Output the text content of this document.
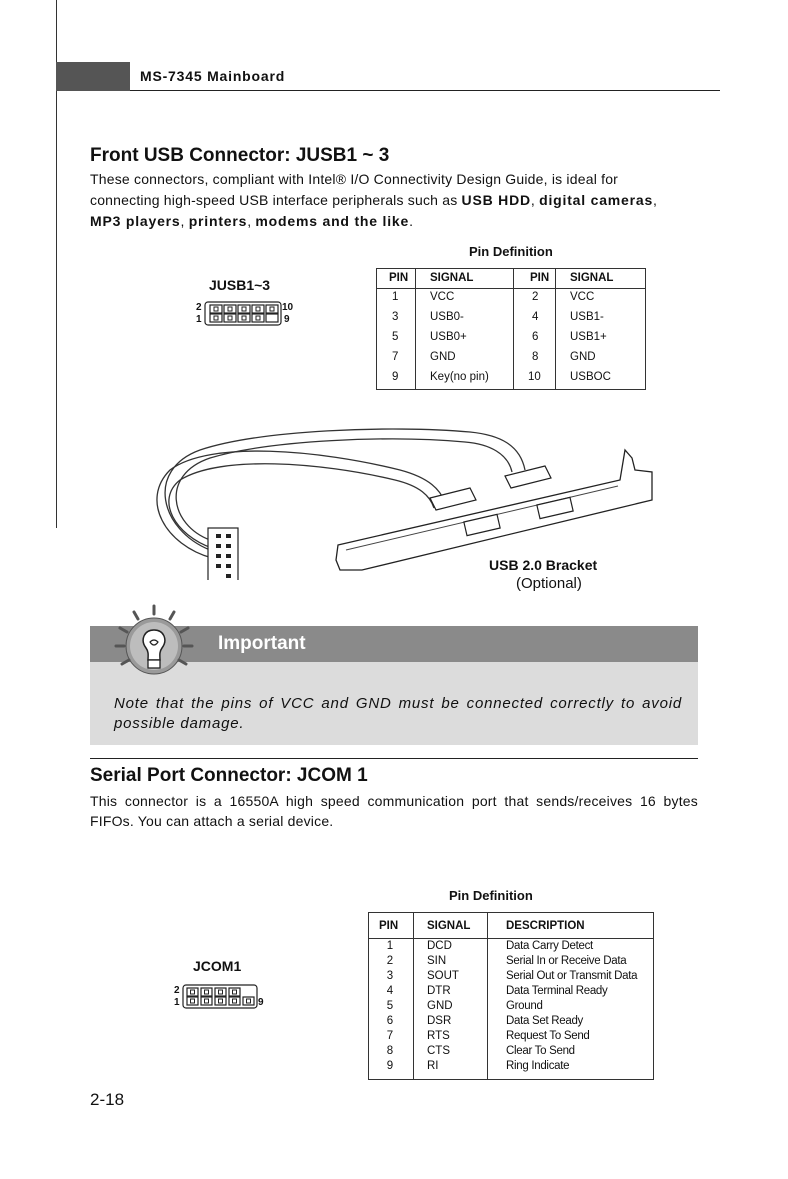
MS-7345 Mainboard
Front USB Connector: JUSB1 ~ 3
These connectors, compliant with Intel® I/O Connectivity Design Guide, is ideal for
connecting high-speed USB interface peripherals such as USB HDD, digital cameras,
MP3 players, printers, modems and the like.
Pin Definition
JUSB1~3
2
1
10
9
PIN SIGNAL	PIN SIGNAL
1	VCC	2	VCC
3	USB0-	4	USB1-
5	USB0+	6	USB1+
7	GND	8	GND
9	Key(no pin)	10	USBOC
USB 2.0 Bracket
(Optional)
Important
Note that the pins of VCC and GND must be connected correctly to avoid possible damage.
Serial Port Connector: JCOM 1
This connector is a 16550A high speed communication port that sends/receives 16 bytes FIFOs. You can attach a serial device.
Pin Definition
JCOM1
2
1	9
PIN	SIGNAL	DESCRIPTION
1	DCD	Data Carry Detect
2	SIN	Serial In or Receive Data
3	SOUT	Serial Out or Transmit Data
4	DTR	Data Terminal Ready
5	GND	Ground
6	DSR	Data Set Ready
7	RTS	Request To Send
8	CTS	Clear To Send
9	RI	Ring Indicate
2-18
